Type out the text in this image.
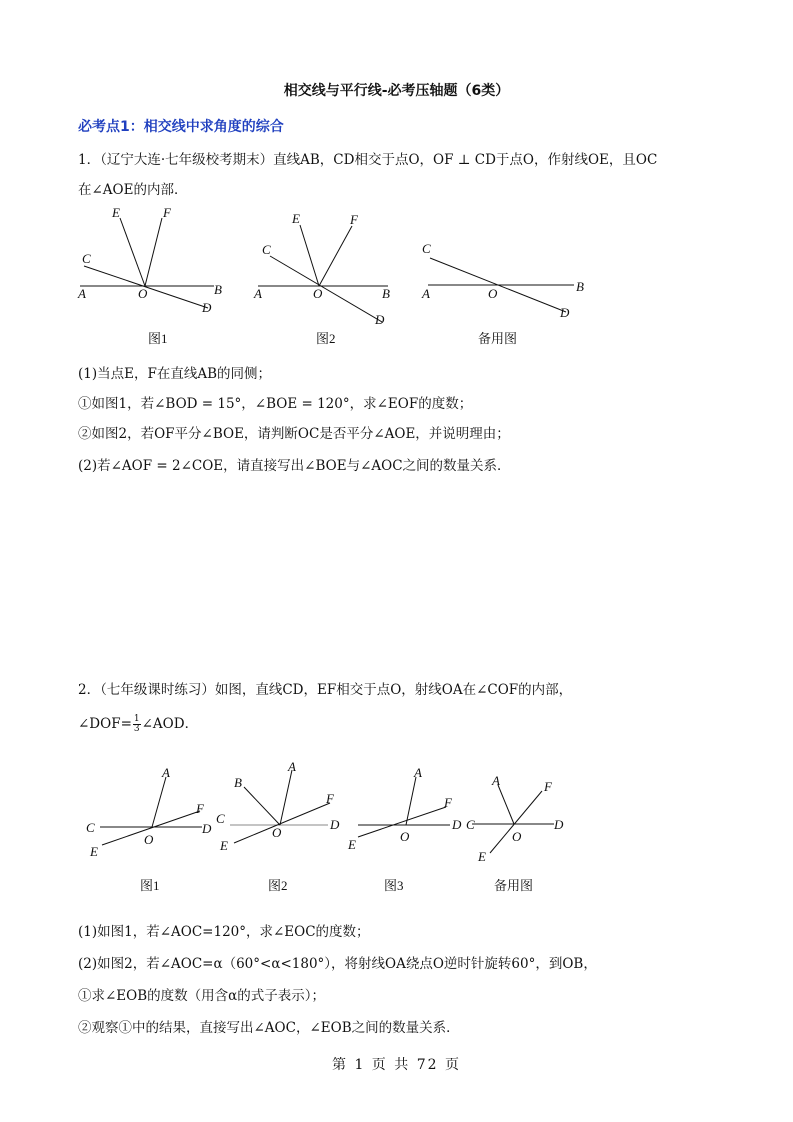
相交线与平行线-必考压轴题（6类）
必考点1：相交线中求角度的综合
1．（辽宁大连·七年级校考期末）直线AB，CD相交于点O，OF ⊥ CD于点O，作射线OE，且OC
在∠AOE的内部．
E	F
C
A	O	B
D
图1
E	F
C
A	O	B
D
图2
C
A	O	B
D
备用图
(1)当点E，F在直线AB的同侧；
①如图1，若∠BOD = 15°，∠BOE = 120°，求∠EOF的度数；
②如图2，若OF平分∠BOE，请判断OC是否平分∠AOE，并说明理由；
(2)若∠AOF = 2∠COE，请直接写出∠BOE与∠AOC之间的数量关系．
2．（七年级课时练习）如图，直线CD，EF相交于点O，射线OA在∠COF的内部，
∠DOF= $\frac{1}{3}$ ∠AOD．
A
F
C	D
O
E
图1
A
B
F
C	D
O
E
图2
A
F
D
O
E
图3
A	F
C	D
O
E
备用图
(1)如图1，若∠AOC=120°，求∠EOC的度数；
(2)如图2，若∠AOC=α（60°<α<180°），将射线OA绕点O逆时针旋转60°，到OB，
①求∠EOB的度数（用含α的式子表示）；
②观察①中的结果，直接写出∠AOC，∠EOB之间的数量关系．
第 1 页 共 72 页
